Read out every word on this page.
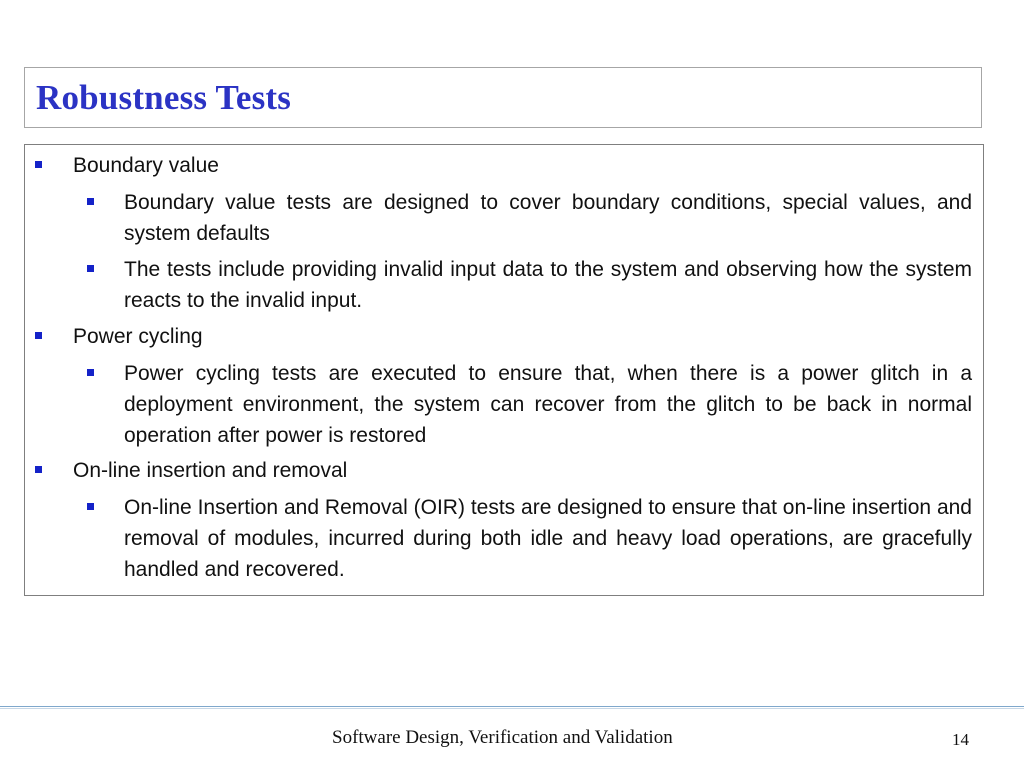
Robustness Tests
Boundary value
Boundary value tests are designed to cover boundary conditions, special values, and system defaults
The tests include providing invalid input data to the system and observing how the system reacts to the invalid input.
Power cycling
Power cycling tests are executed to ensure that, when there is a power glitch in a deployment environment, the system can recover from the glitch to be back in normal operation after power is restored
On-line insertion and removal
On-line Insertion and Removal (OIR) tests are designed to ensure that on-line insertion and removal of modules, incurred during both idle and heavy load operations, are gracefully handled and recovered.
Software Design, Verification and Validation	14
